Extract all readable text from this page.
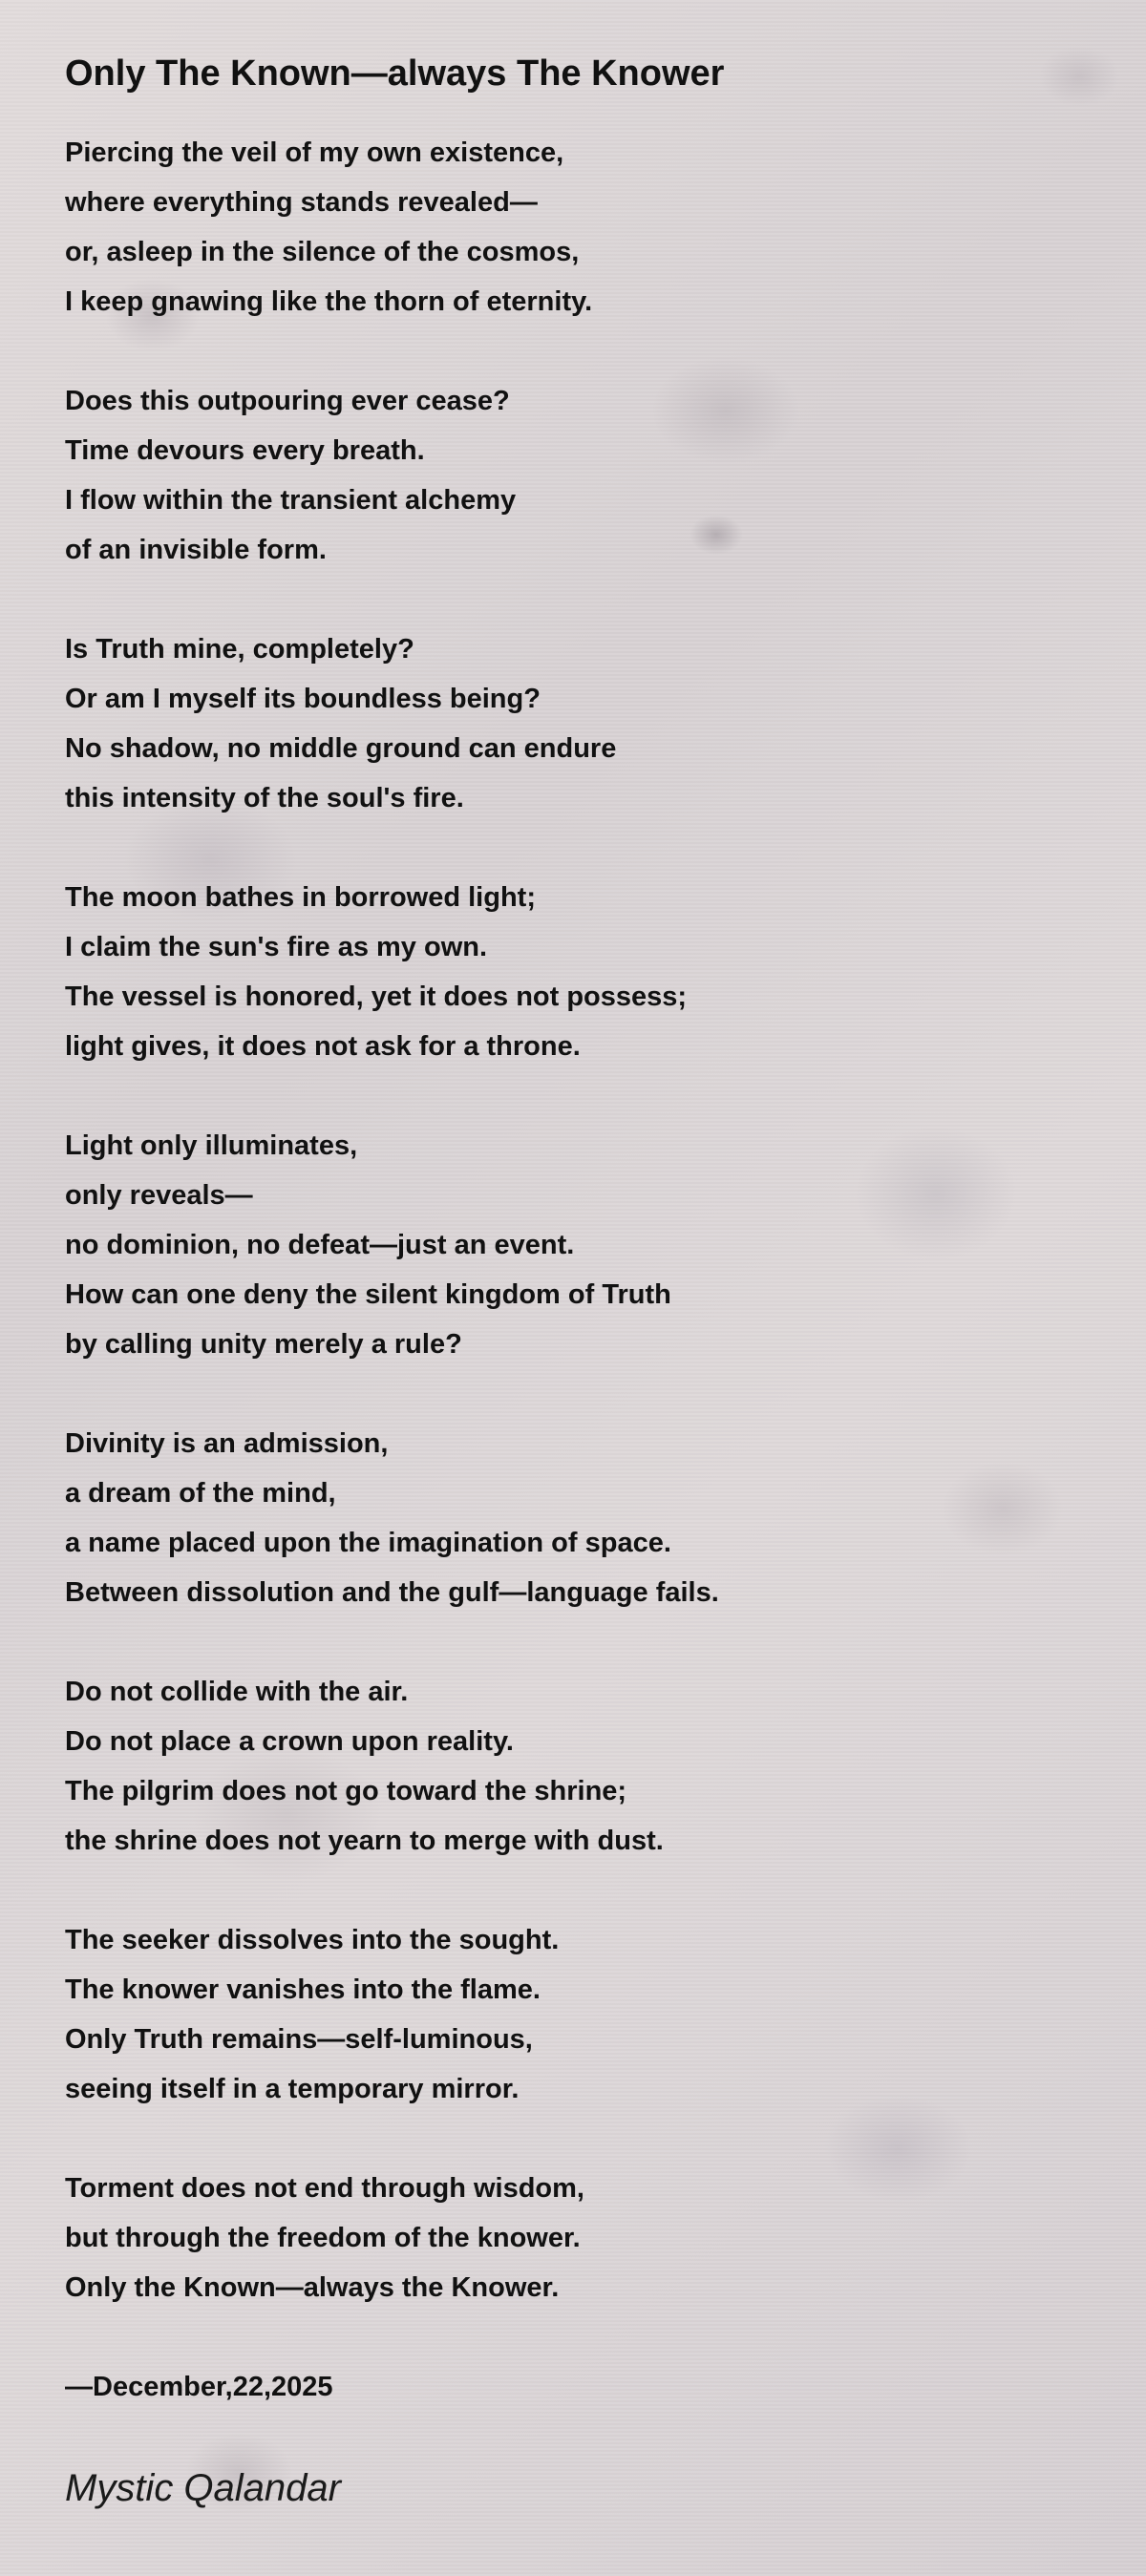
Only The Known—always The Knower
Piercing the veil of my own existence,
where everything stands revealed—
or, asleep in the silence of the cosmos,
I keep gnawing like the thorn of eternity.
Does this outpouring ever cease?
Time devours every breath.
I flow within the transient alchemy
of an invisible form.
Is Truth mine, completely?
Or am I myself its boundless being?
No shadow, no middle ground can endure
this intensity of the soul's fire.
The moon bathes in borrowed light;
I claim the sun's fire as my own.
The vessel is honored, yet it does not possess;
light gives, it does not ask for a throne.
Light only illuminates,
only reveals—
no dominion, no defeat—just an event.
How can one deny the silent kingdom of Truth
by calling unity merely a rule?
Divinity is an admission,
a dream of the mind,
a name placed upon the imagination of space.
Between dissolution and the gulf—language fails.
Do not collide with the air.
Do not place a crown upon reality.
The pilgrim does not go toward the shrine;
the shrine does not yearn to merge with dust.
The seeker dissolves into the sought.
The knower vanishes into the flame.
Only Truth remains—self-luminous,
seeing itself in a temporary mirror.
Torment does not end through wisdom,
but through the freedom of the knower.
Only the Known—always the Knower.
—December,22,2025
Mystic Qalandar
